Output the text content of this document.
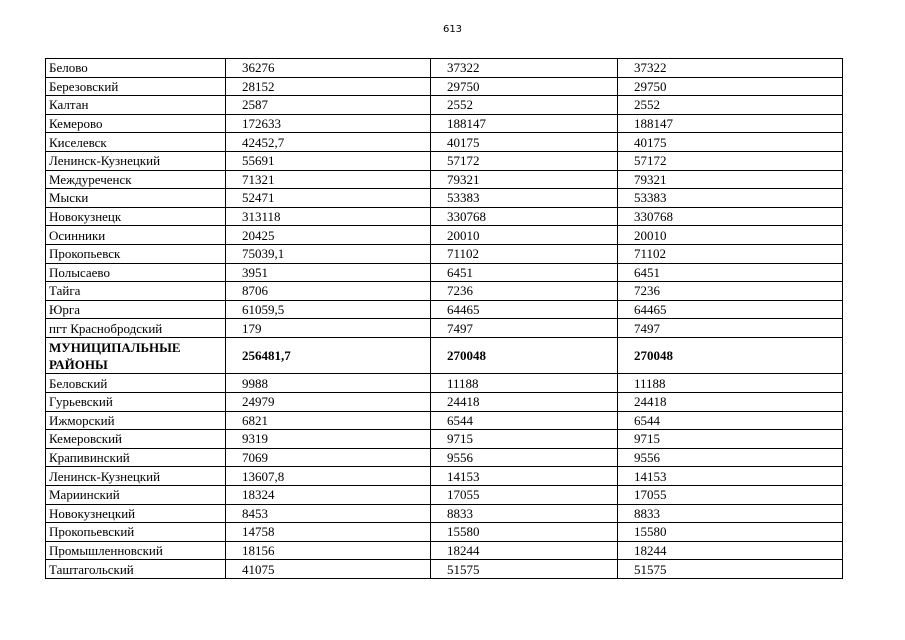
613
Белово	36276	37322	37322
Березовский	28152	29750	29750
Калтан	2587	2552	2552
Кемерово	172633	188147	188147
Киселевск	42452,7	40175	40175
Ленинск-Кузнецкий	55691	57172	57172
Междуреченск	71321	79321	79321
Мыски	52471	53383	53383
Новокузнецк	313118	330768	330768
Осинники	20425	20010	20010
Прокопьевск	75039,1	71102	71102
Полысаево	3951	6451	6451
Тайга	8706	7236	7236
Юрга	61059,5	64465	64465
пгт Краснобродский	179	7497	7497
МУНИЦИПАЛЬНЫЕ РАЙОНЫ	256481,7	270048	270048
Беловский	9988	11188	11188
Гурьевский	24979	24418	24418
Ижморский	6821	6544	6544
Кемеровский	9319	9715	9715
Крапивинский	7069	9556	9556
Ленинск-Кузнецкий	13607,8	14153	14153
Мариинский	18324	17055	17055
Новокузнецкий	8453	8833	8833
Прокопьевский	14758	15580	15580
Промышленновский	18156	18244	18244
Таштагольский	41075	51575	51575
